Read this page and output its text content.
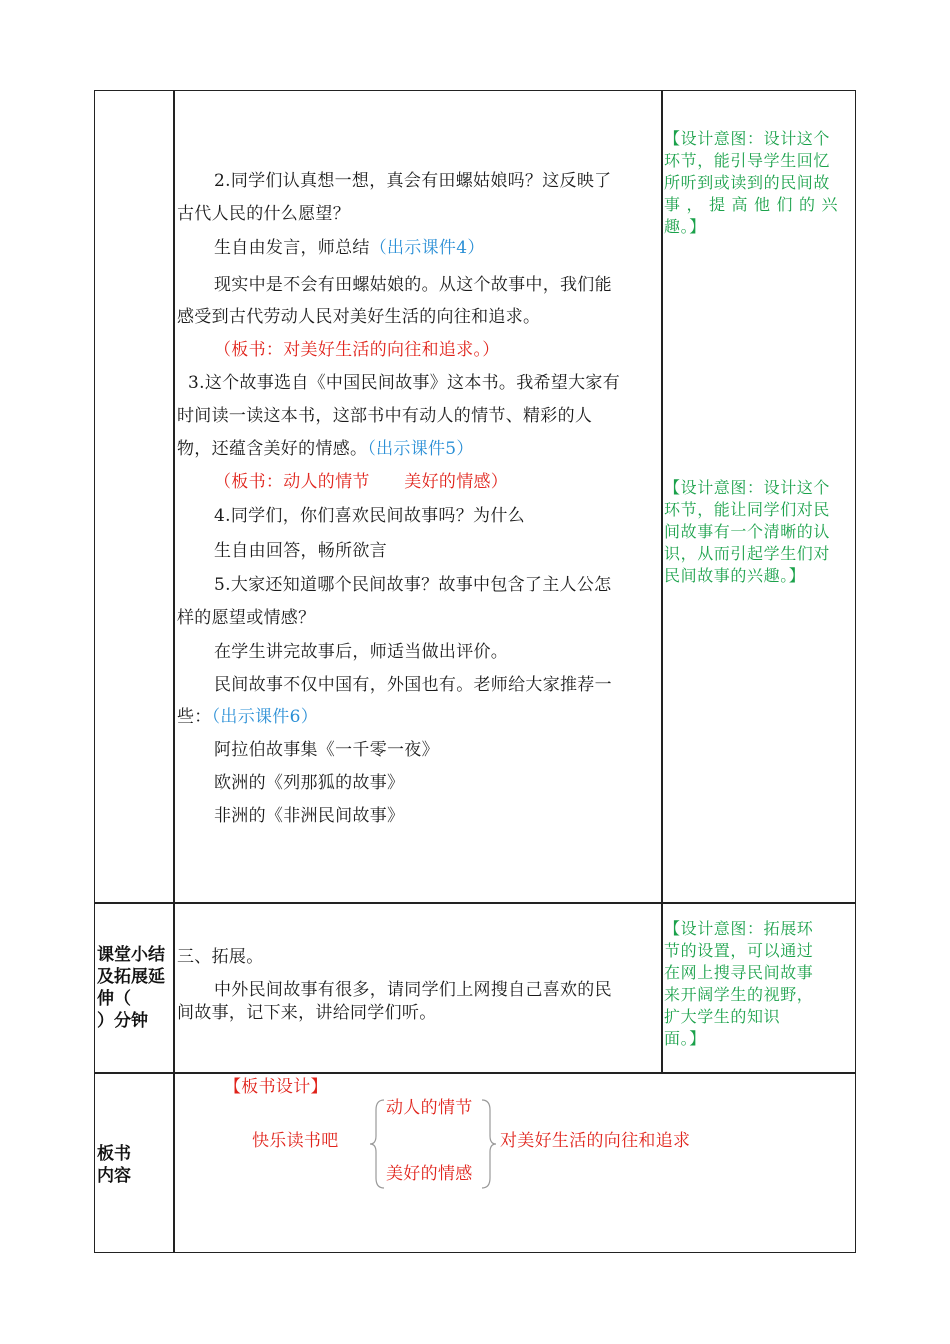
2.同学们认真想一想，真会有田螺姑娘吗？这反映了
古代人民的什么愿望？
生自由发言，师总结（出示课件4）
现实中是不会有田螺姑娘的。从这个故事中，我们能
感受到古代劳动人民对美好生活的向往和追求。
（板书：对美好生活的向往和追求。）
3.这个故事选自《中国民间故事》这本书。我希望大家有
时间读一读这本书，这部书中有动人的情节、精彩的人
物，还蕴含美好的情感。（出示课件5）
（板书：动人的情节　　美好的情感）
4.同学们，你们喜欢民间故事吗？为什么
生自由回答，畅所欲言
5.大家还知道哪个民间故事？故事中包含了主人公怎
样的愿望或情感？
在学生讲完故事后，师适当做出评价。
民间故事不仅中国有，外国也有。老师给大家推荐一
些：（出示课件6）
阿拉伯故事集《一千零一夜》
欧洲的《列那狐的故事》
非洲的《非洲民间故事》
【设计意图：设计这个
环节，能引导学生回忆
所听到或读到的民间故
事，提高他们的兴
趣。】
【设计意图：设计这个
环节，能让同学们对民
间故事有一个清晰的认
识，从而引起学生们对
民间故事的兴趣。】
课堂小结
及拓展延
伸（
）分钟
三、拓展。
中外民间故事有很多，请同学们上网搜自己喜欢的民
间故事，记下来，讲给同学们听。
【设计意图：拓展环
节的设置，可以通过
在网上搜寻民间故事
来开阔学生的视野，
扩大学生的知识
面。】
板书
内容
【板书设计】
快乐读书吧
动人的情节
美好的情感
对美好生活的向往和追求
